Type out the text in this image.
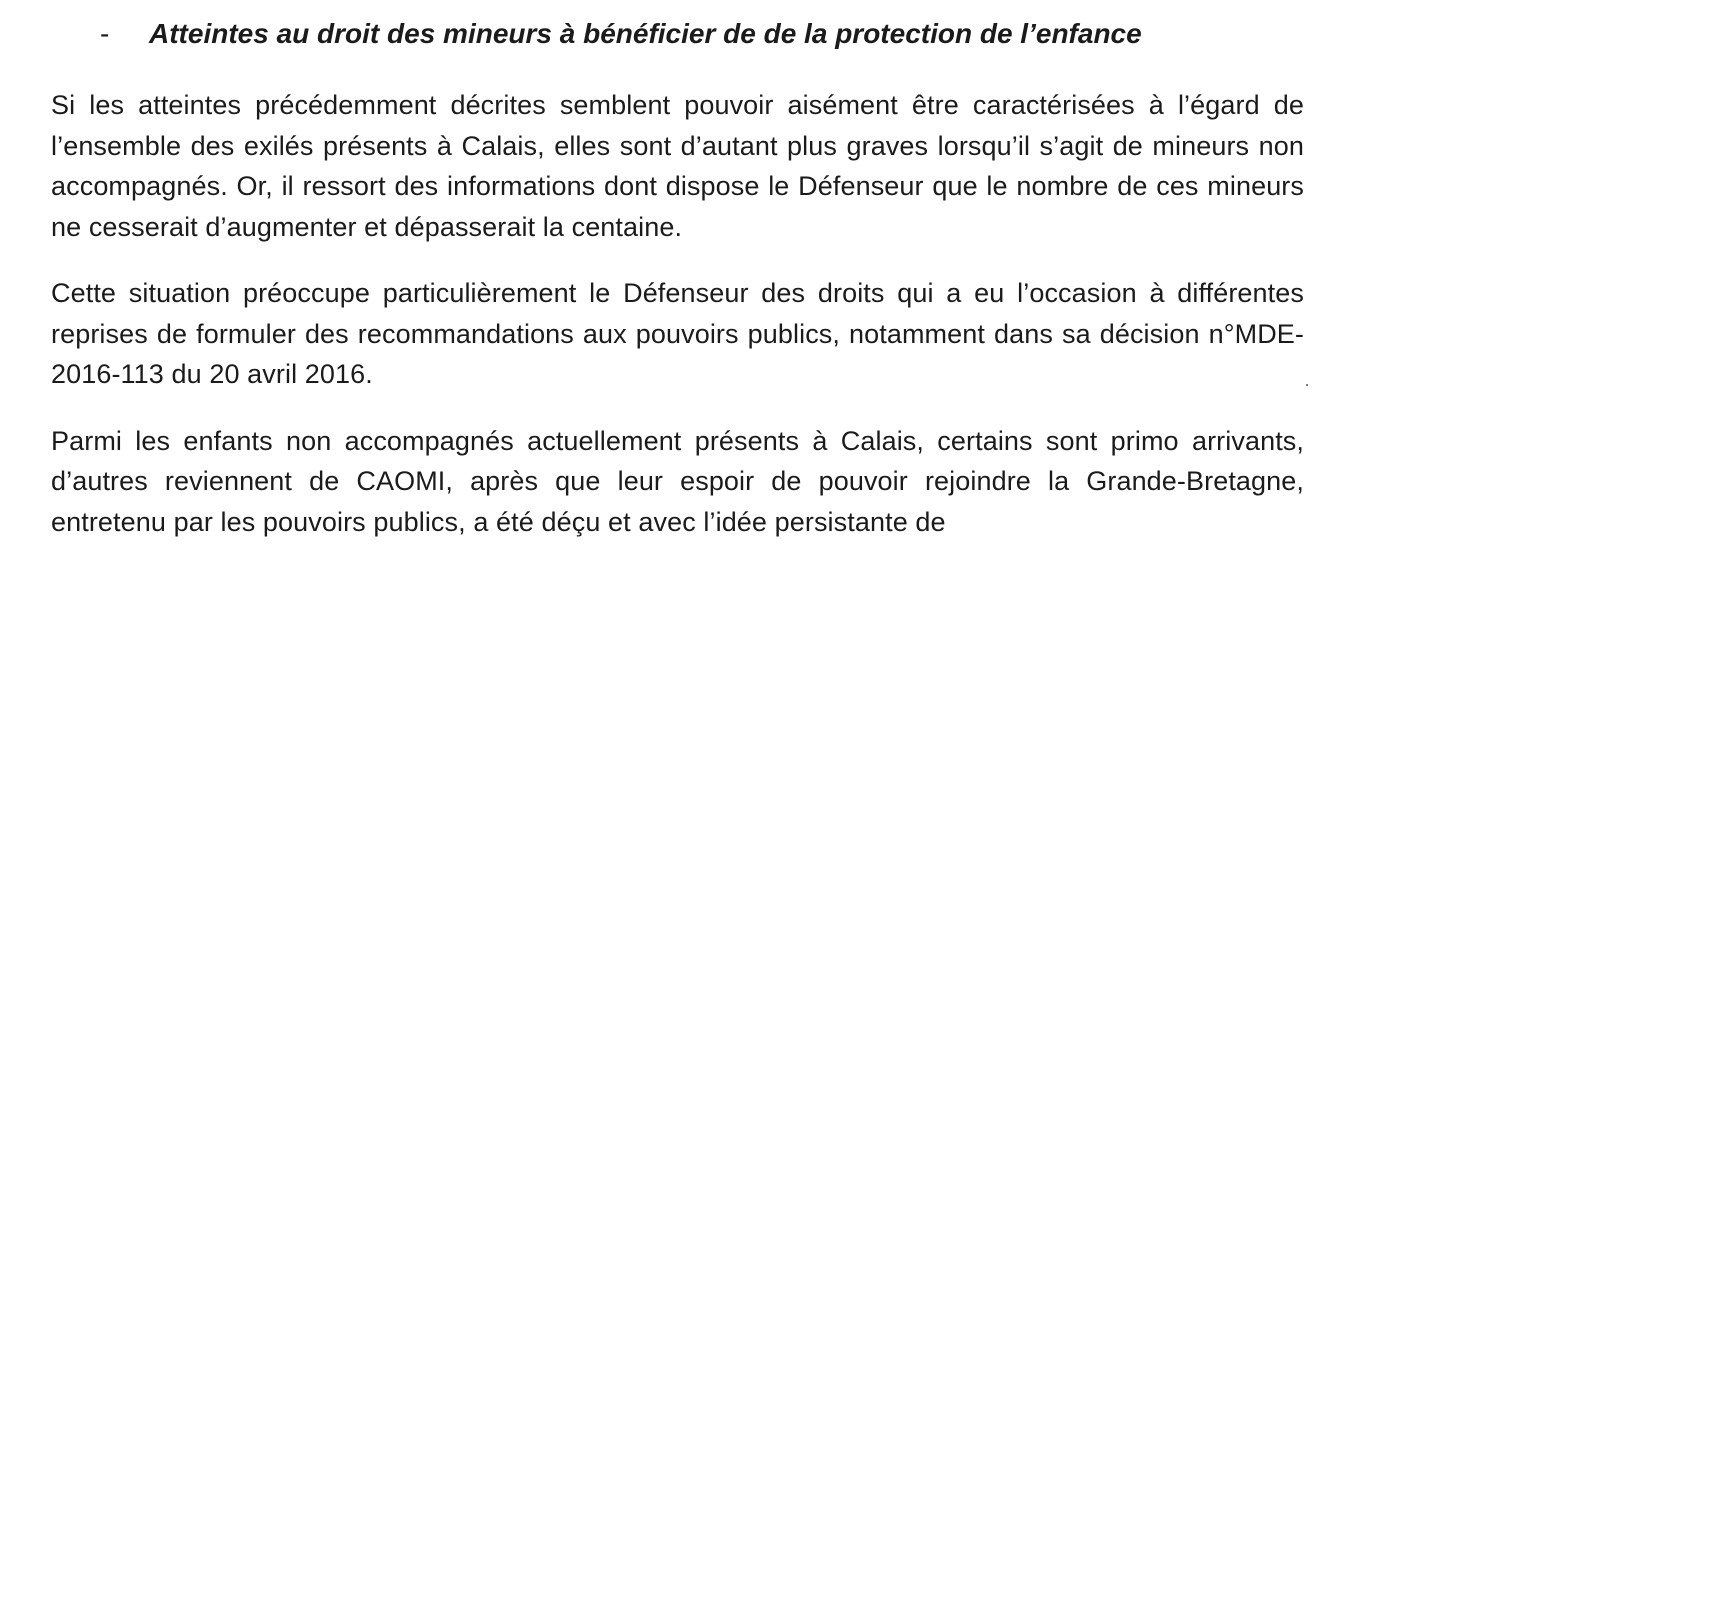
-	Atteintes au droit des mineurs à bénéficier de de la protection de l’enfance

Si les atteintes précédemment décrites semblent pouvoir aisément être caractérisées à l’égard de l’ensemble des exilés présents à Calais, elles sont d’autant plus graves lorsqu’il s’agit de mineurs non accompagnés. Or, il ressort des informations dont dispose le Défenseur que le nombre de ces mineurs ne cesserait d’augmenter et dépasserait la centaine.

Cette situation préoccupe particulièrement le Défenseur des droits qui a eu l’occasion à différentes reprises de formuler des recommandations aux pouvoirs publics, notamment dans sa décision n°MDE-2016-113 du 20 avril 2016.

Parmi les enfants non accompagnés actuellement présents à Calais, certains sont primo arrivants, d’autres reviennent de CAOMI, après que leur espoir de pouvoir rejoindre la Grande-Bretagne, entretenu par les pouvoirs publics, a été déçu et avec l’idée persistante de
